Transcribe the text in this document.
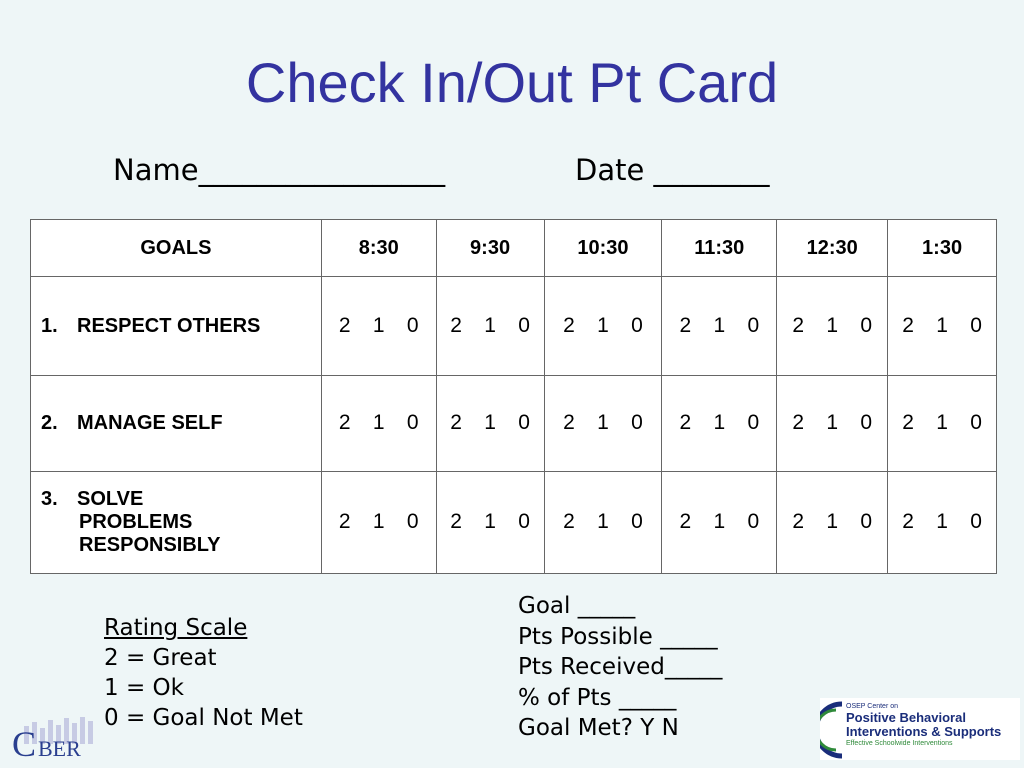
Check In/Out Pt Card
Name_________________	Date ________
GOALS	8:30	9:30	10:30	11:30	12:30	1:30
1. RESPECT OTHERS	2 1 0	2 1 0	2 1 0	2 1 0	2 1 0	2 1 0
2. MANAGE SELF	2 1 0	2 1 0	2 1 0	2 1 0	2 1 0	2 1 0
3. SOLVE
PROBLEMS
RESPONSIBLY	2 1 0	2 1 0	2 1 0	2 1 0	2 1 0	2 1 0
Rating Scale
2 = Great
1 = Ok
0 = Goal Not Met
Goal _____
Pts Possible _____
Pts Received_____
% of Pts _____
Goal Met? Y N
C BER
OSEP Center on
Positive Behavioral
Interventions & Supports
Effective Schoolwide Interventions
